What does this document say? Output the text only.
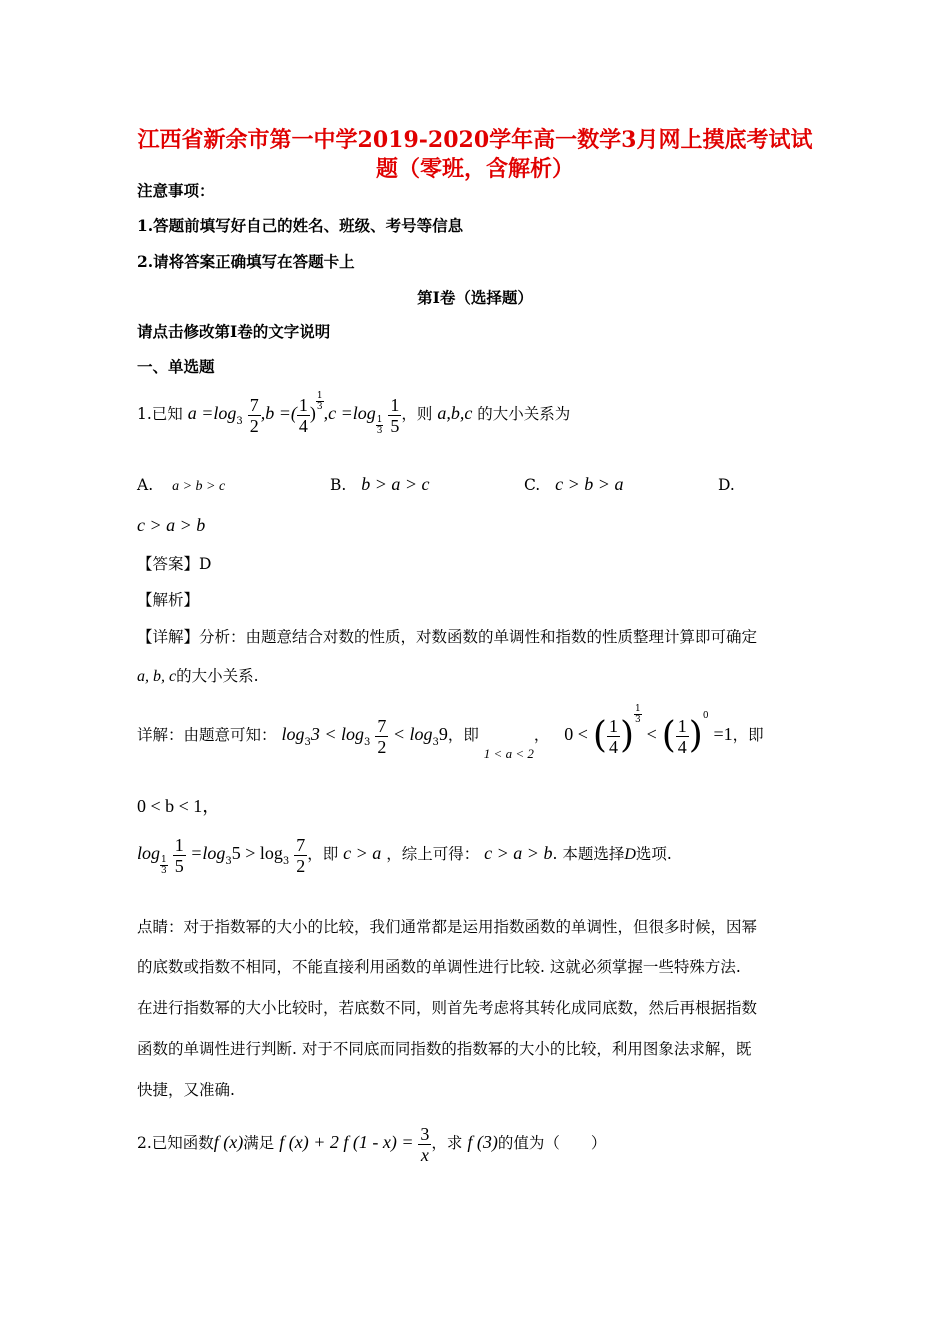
江西省新余市第一中学2019-2020学年高一数学3月网上摸底考试试
题（零班，含解析）
注意事项：
1.答题前填写好自己的姓名、班级、考号等信息
2.请将答案正确填写在答题卡上
第Ⅰ卷（选择题）
请点击修改第Ⅰ卷的文字说明
一、单选题
1.已知 $a =\log_3 \frac{7}{2} ,b$ =( $\frac{1}{4}$ )
$\frac{1}{3},c =\log$
$\frac{1}{3} \frac{1}{5}$ ，则 a,b,c 的大小关系为
A. a > b > c	B. b > a > c	C. c > b > a	D.
c > a > b
【答案】D
【解析】
【详解】分析：由题意结合对数的性质，对数函数的单调性和指数的性质整理计算即可确定
a, b, c的大小关系.
详解：由题意可知： $\log_33 < \log_3 \frac{7}{2} < \log_39$，即 $_{1 < a < 2}$， 0 < ( $\frac{1}{4}$ )
$\frac{1}{3}$ < ( $\frac{1}{4} )^0 =1$，即
0 < b < 1，
log
$\frac{1}{3} \frac{1}{5} =\log_35 > \log_3 \frac{7}{2}$ ，即 c > a ，综上可得： c > a > b. 本题选择D选项.
点睛：对于指数幂的大小的比较，我们通常都是运用指数函数的单调性，但很多时候，因幂
的底数或指数不相同，不能直接利用函数的单调性进行比较. 这就必须掌握一些特殊方法.
在进行指数幂的大小比较时，若底数不同，则首先考虑将其转化成同底数，然后再根据指数
函数的单调性进行判断. 对于不同底而同指数的指数幂的大小的比较，利用图象法求解，既
快捷，又准确.
2.已知函数f (x)满足 f (x) + 2 f $(1 - x) = \frac{3}{x}$ ，求 f (3)的值为（　　）
